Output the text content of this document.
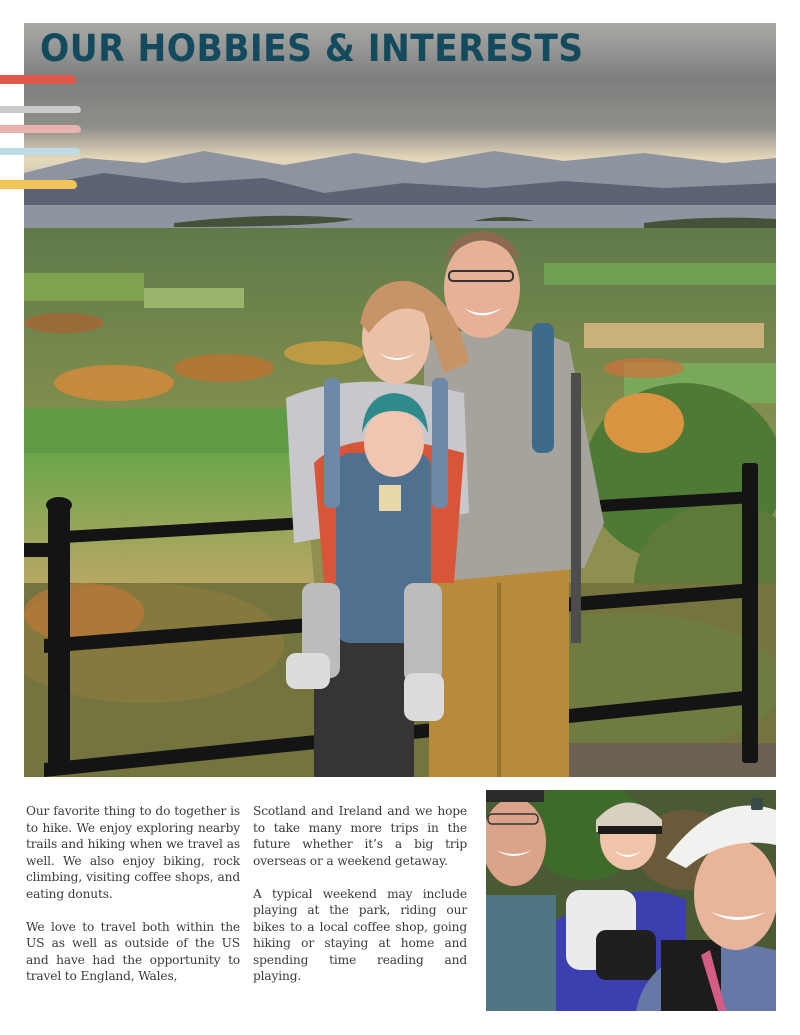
OUR HOBBIES & INTERESTS

Our favorite thing to do together is to hike. We enjoy exploring nearby trails and hiking when we travel as well. We also enjoy biking, rock climbing, visiting coffee shops, and eating donuts.

We love to travel both within the US as well as outside of the US and have had the opportunity to travel to England, Wales,

Scotland and Ireland and we hope to take many more trips in the future whether it’s a big trip overseas or a weekend getaway.

A typical weekend may include playing at the park, riding our bikes to a local coffee shop, going hiking or staying at home and spending time reading and playing.
